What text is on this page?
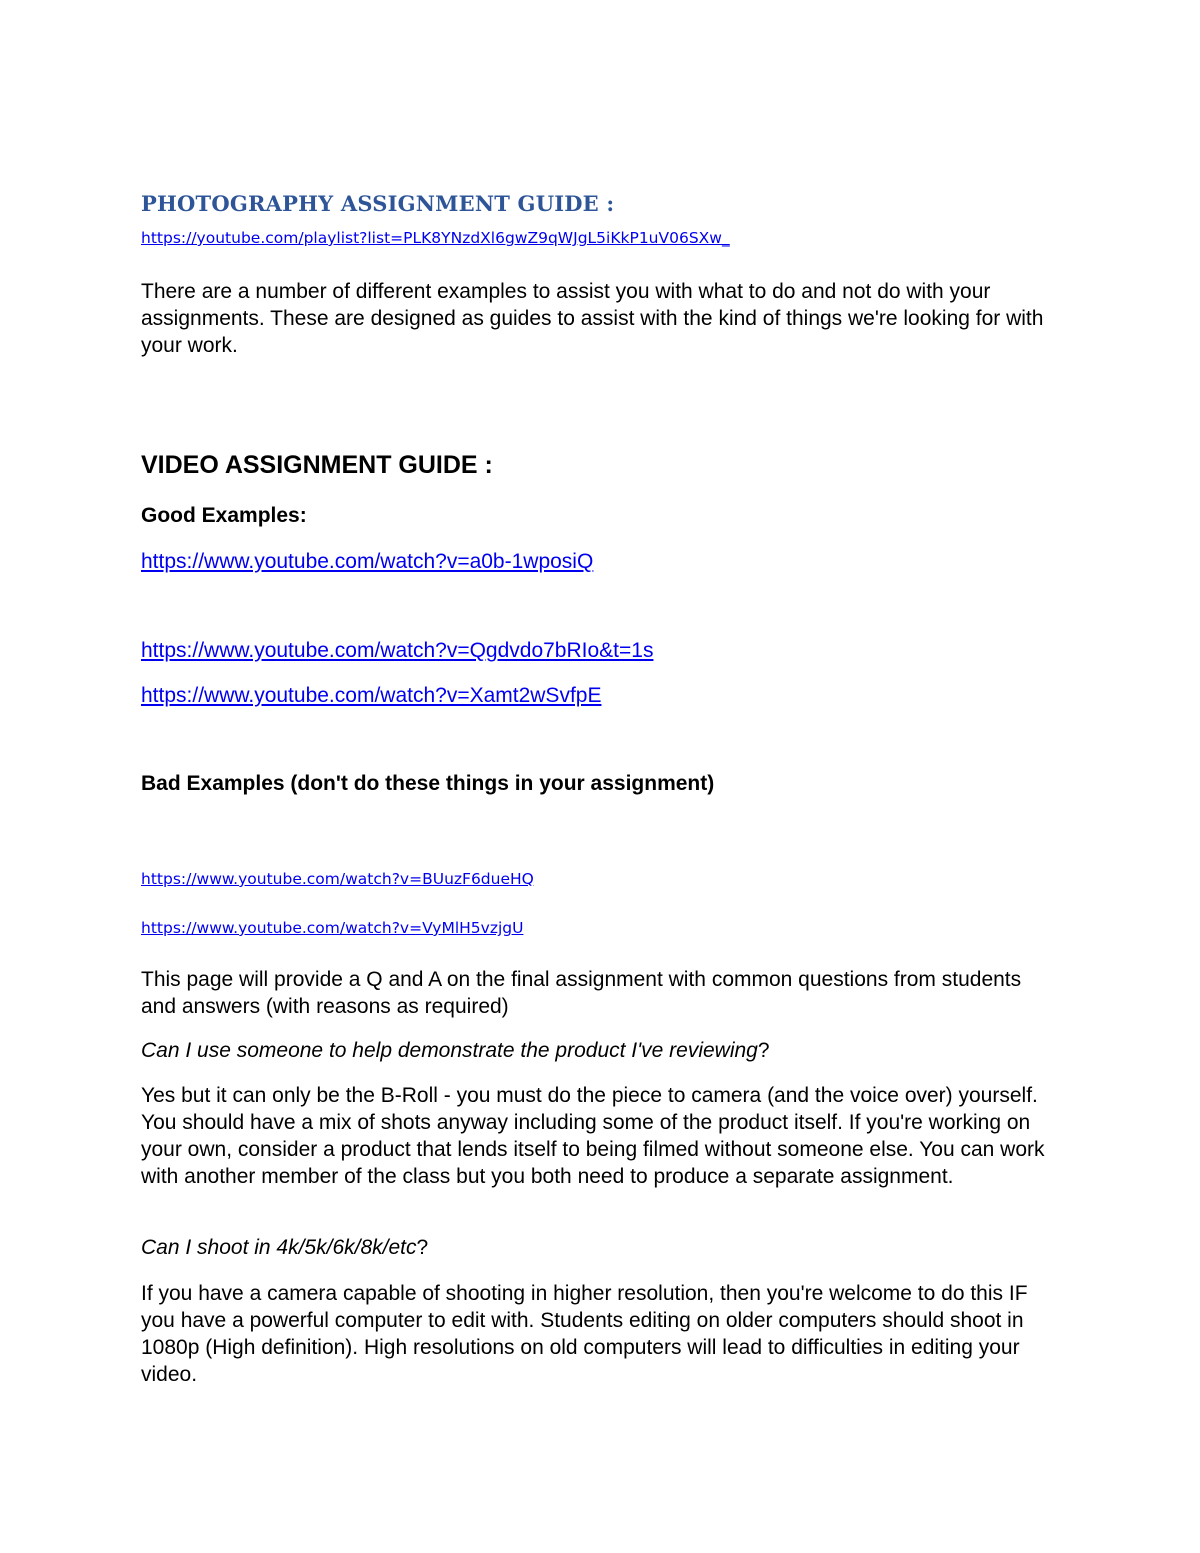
PHOTOGRAPHY ASSIGNMENT GUIDE :
https://youtube.com/playlist?list=PLK8YNzdXl6gwZ9qWJgL5iKkP1uV06SXw_

There are a number of different examples to assist you with what to do and not do with your assignments. These are designed as guides to assist with the kind of things we're looking for with your work.

VIDEO ASSIGNMENT GUIDE :
Good Examples:
https://www.youtube.com/watch?v=a0b-1wposiQ
https://www.youtube.com/watch?v=Qgdvdo7bRIo&t=1s
https://www.youtube.com/watch?v=Xamt2wSvfpE
Bad Examples (don't do these things in your assignment)
https://www.youtube.com/watch?v=BUuzF6dueHQ
https://www.youtube.com/watch?v=VyMlH5vzjgU

This page will provide a Q and A on the final assignment with common questions from students and answers (with reasons as required)

Can I use someone to help demonstrate the product I've reviewing?

Yes but it can only be the B-Roll - you must do the piece to camera (and the voice over) yourself. You should have a mix of shots anyway including some of the product itself. If you're working on your own, consider a product that lends itself to being filmed without someone else. You can work with another member of the class but you both need to produce a separate assignment.

Can I shoot in 4k/5k/6k/8k/etc?

If you have a camera capable of shooting in higher resolution, then you're welcome to do this IF you have a powerful computer to edit with. Students editing on older computers should shoot in 1080p (High definition). High resolutions on old computers will lead to difficulties in editing your video.
